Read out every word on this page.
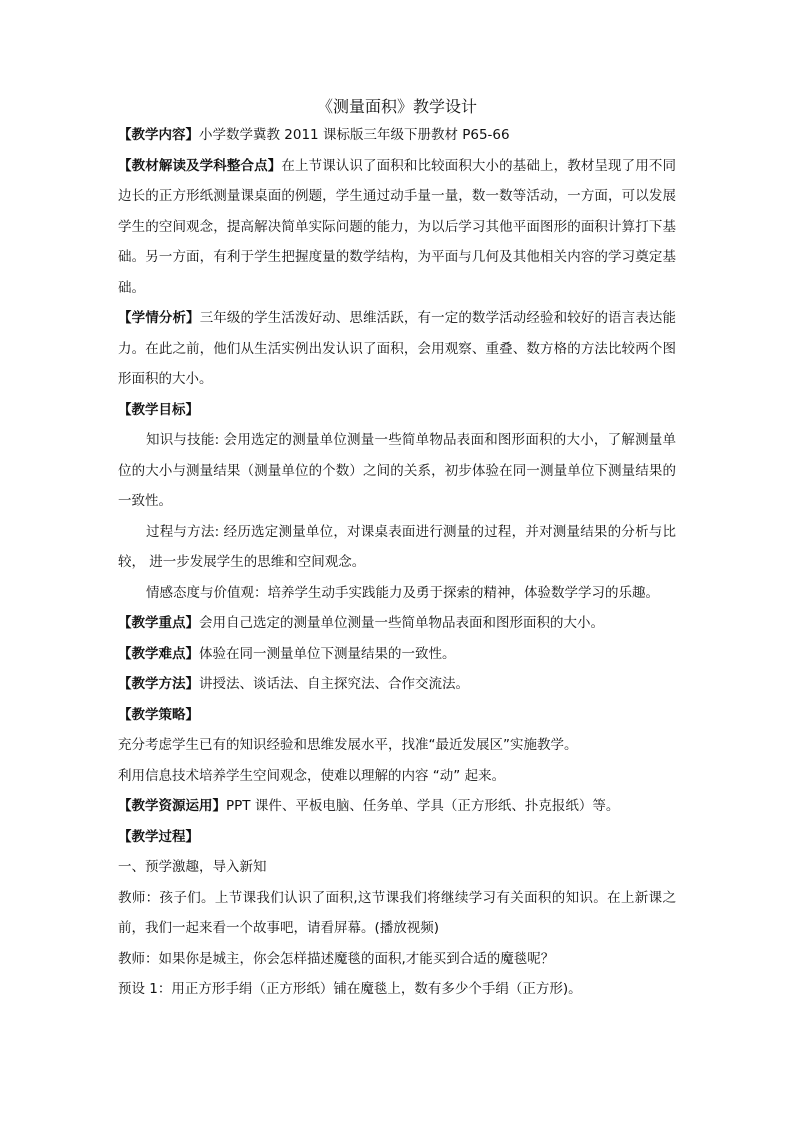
《测量面积》教学设计

【教学内容】小学数学冀教 2011 课标版三年级下册教材 P65-66

【教材解读及学科整合点】在上节课认识了面积和比较面积大小的基础上，教材呈现了用不同边长的正方形纸测量课桌面的例题，学生通过动手量一量，数一数等活动，一方面，可以发展学生的空间观念，提高解决简单实际问题的能力，为以后学习其他平面图形的面积计算打下基础。另一方面，有利于学生把握度量的数学结构，为平面与几何及其他相关内容的学习奠定基础。

【学情分析】三年级的学生活泼好动、思维活跃，有一定的数学活动经验和较好的语言表达能力。在此之前，他们从生活实例出发认识了面积，会用观察、重叠、数方格的方法比较两个图形面积的大小。

【教学目标】

知识与技能: 会用选定的测量单位测量一些简单物品表面和图形面积的大小，了解测量单位的大小与测量结果（测量单位的个数）之间的关系，初步体验在同一测量单位下测量结果的一致性。

过程与方法: 经历选定测量单位，对课桌表面进行测量的过程，并对测量结果的分析与比较， 进一步发展学生的思维和空间观念。

情感态度与价值观：培养学生动手实践能力及勇于探索的精神，体验数学学习的乐趣。

【教学重点】会用自己选定的测量单位测量一些简单物品表面和图形面积的大小。

【教学难点】体验在同一测量单位下测量结果的一致性。

【教学方法】讲授法、谈话法、自主探究法、合作交流法。

【教学策略】

充分考虑学生已有的知识经验和思维发展水平，找准“最近发展区”实施教学。

利用信息技术培养学生空间观念，使难以理解的内容 “动” 起来。

【教学资源运用】PPT 课件、平板电脑、任务单、学具（正方形纸、扑克报纸）等。

【教学过程】

一、预学激趣，导入新知

教师：孩子们。上节课我们认识了面积,这节课我们将继续学习有关面积的知识。在上新课之前，我们一起来看一个故事吧，请看屏幕。(播放视频)

教师：如果你是城主，你会怎样描述魔毯的面积,才能买到合适的魔毯呢？

预设 1：用正方形手绢（正方形纸）铺在魔毯上，数有多少个手绢（正方形)。
